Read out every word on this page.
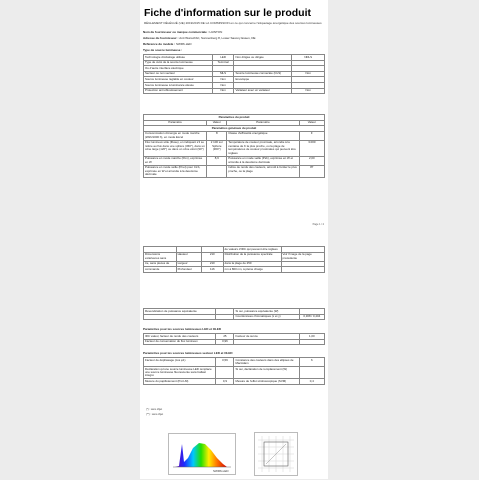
Fiche d'information sur le produit
RÈGLEMENT DÉLÉGUÉ (UE) 2019/2015 DE LA COMMISSION en ce qui concerne l'étiquetage énergétique des sources lumineuses
Nom du fournisseur ou marque commerciale : HUNTON
Adresse du fournisseur : Anti Wunschbri, Sonnenberg 8, Lower Saxony Essen, DE
Référence du modèle : SWR6-LED
Type de source lumineuse :
Technologie d'éclairage utilisée	LED	Non dirigée ou dirigée	NDLS
Type de culot de la source lumineuse	Terminal		
Ou d'autre interface électrique			
Secteur ou non secteur	MLS	Source lumineuse connectée (CLS)	Non
Source lumineuse réglable en couleur	Non	Enveloppe	
Source lumineuse à luminance élevée	Non		
Protection anti éblouissement	Non	Variateur avec un variateur	Non
Paramètres du produit			
Paramètre	Valeur	Paramètre	Valeur
Paramètres généraux du produit			
Consommation d'énergie en mode marche (kWh/1000 h), en mode Excel	8	Classe d'efficacité énergétique	F
Flux lumineux utile (Φuse), en indiquant s'il se réfère au flux dans une sphère (360°), dans un cône large (120°) ou dans un cône étroit (90°)	2 100 sur Sphère (360°)	Température de couleur proximale, arrondie à la centaine de K la plus proche, ou la plage de températures de couleur proximales qui peuvent être réglées	3.000
Puissance en mode marche (Pon), exprimée en W	8,6	Puissance en mode veille (Psb), exprimée en W et arrondie à la deuxième décimale	2,00
Puissance en mode veille (Pnet) pour CLS, exprimée en W et arrondie à la deuxième décimale		Indice de rendu des couleurs, arrondi à l'entier le plus proche, ou la plage	87
Page 1 / 2
			de valeurs d'IRC qui peuvent être réglées	
Dimensions extérieures sans	Hauteur	210	Distribution de la puissance spectrale	Voir l'image de la page précédente
tre, sans pièces de	Largeur	210	dans la plage de 250	
commande	Profondeur	116	nm à 800 nm, à pleine charge	
Revendication de puissance équivalente		Si oui, puissance équivalente (W)	
		Coordonnées chromatiques (x et y)	0,308 / 0,404
Paramètres pour les sources lumineuses LED et OLED
IRC valeur, facteur de rendu des couleurs	25	Facteur de survie	1,00
Facteur de conservation du flux lumineux	0,96		
Paramètres pour les sources lumineuses secteur LED et OLED
Facteur de déphasage (cos φ1)	0,59	Constance des couleurs dans des ellipses de MacAdam	6
Déclaration qu'une source lumineuse LED remplace une source lumineuse fluorescente sans ballast intégré		Si oui, déclaration de remplacement (W)	
Mesure du papillotement (Pst LM)	0,9	Mesure de l'effet stroboscopique (SVM)	0,4
(*) : sans objet
(**) : sans objet
SWR6-LED
